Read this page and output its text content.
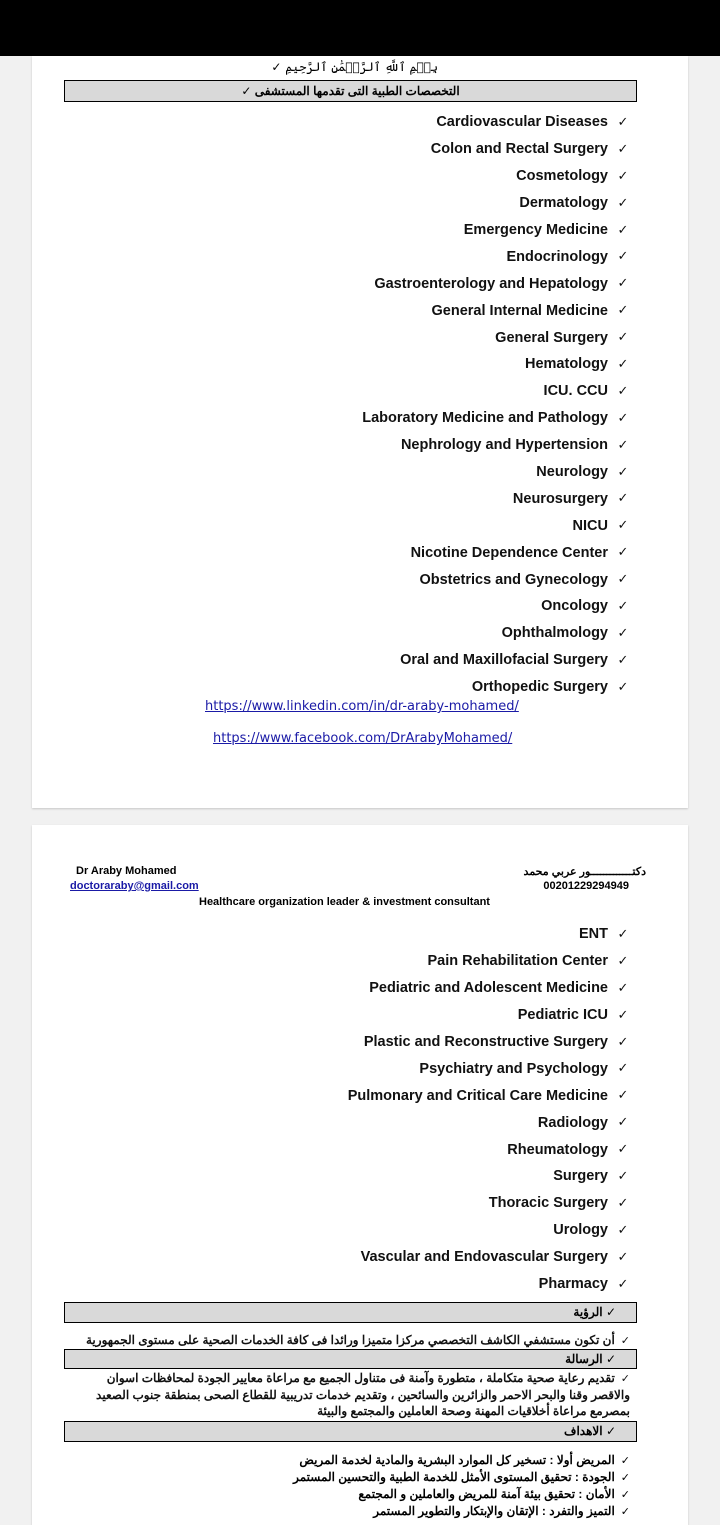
بِسۡمِ ٱللَّهِ ٱلرَّحۡمَٰنِ ٱلرَّحِيمِ ✓
التخصصات الطبية التى تقدمها المستشفى ✓
Cardiovascular Diseases ✓
Colon and Rectal Surgery ✓
Cosmetology ✓
Dermatology ✓
Emergency Medicine ✓
Endocrinology ✓
Gastroenterology and Hepatology ✓
General Internal Medicine ✓
General Surgery ✓
Hematology ✓
ICU. CCU ✓
Laboratory Medicine and Pathology ✓
Nephrology and Hypertension ✓
Neurology ✓
Neurosurgery ✓
NICU ✓
Nicotine Dependence Center ✓
Obstetrics and Gynecology ✓
Oncology ✓
Ophthalmology ✓
Oral and Maxillofacial Surgery ✓
Orthopedic Surgery ✓
https://www.linkedin.com/in/dr-araby-mohamed/
https://www.facebook.com/DrArabyMohamed/
Dr Araby Mohamed
doctoraraby@gmail.com
Healthcare organization leader & investment consultant
دكتـــــــــــــور عربي محمد
00201229294949
ENT ✓
Pain Rehabilitation Center ✓
Pediatric and Adolescent Medicine ✓
Pediatric ICU ✓
Plastic and Reconstructive Surgery ✓
Psychiatry and Psychology ✓
Pulmonary and Critical Care Medicine ✓
Radiology ✓
Rheumatology ✓
Surgery ✓
Thoracic Surgery ✓
Urology ✓
Vascular and Endovascular Surgery ✓
Pharmacy ✓
✓ الرؤية
✓أن تكون مستشفي الكاشف التخصصي مركزا متميزا ورائدا فى كافة الخدمات الصحية على مستوى الجمهورية
✓ الرسالة
✓تقديم رعاية صحية متكاملة ، متطورة وآمنة فى متناول الجميع مع مراعاة معايير الجودة لمحافظات اسوان والاقصر وقنا والبحر الاحمر والزائرين والسائحين ، وتقديم خدمات تدريبية للقطاع الصحى بمنطقة جنوب الصعيد بمصرمع مراعاة أخلاقيات المهنة وصحة العاملين والمجتمع والبيئة
✓ الاهداف
✓المريض أولا : تسخير كل الموارد البشرية والمادية لخدمة المريض
✓الجودة : تحقيق المستوى الأمثل للخدمة الطبية والتحسين المستمر
✓الأمان : تحقيق بيئة آمنة للمريض والعاملين و المجتمع
✓التميز والتفرد : الإتقان والإبتكار والتطوير المستمر
